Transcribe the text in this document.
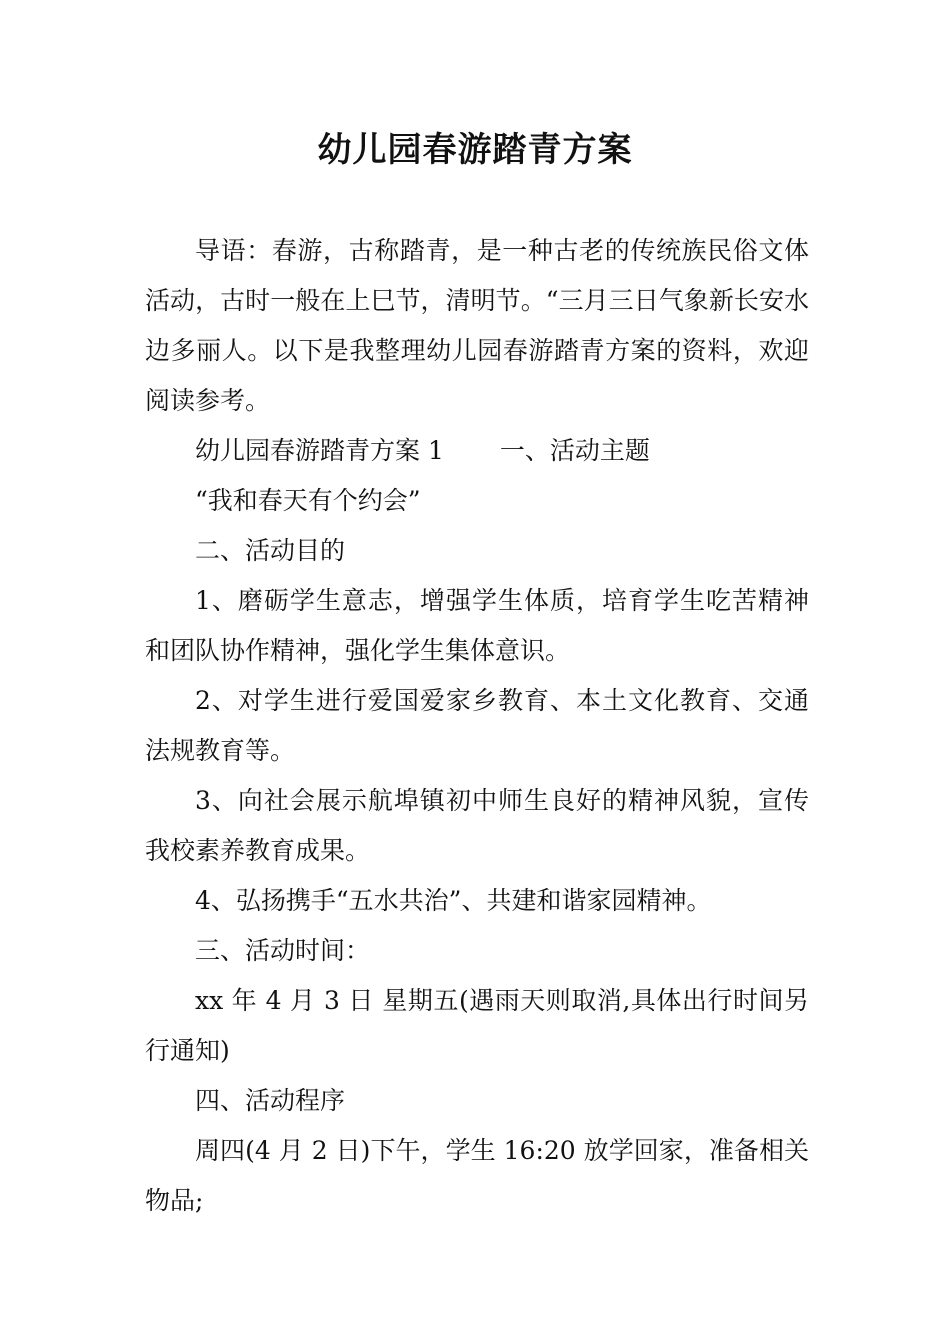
幼儿园春游踏青方案

导语：春游，古称踏青，是一种古老的传统族民俗文体活动，古时一般在上巳节，清明节。“三月三日气象新长安水边多丽人。以下是我整理幼儿园春游踏青方案的资料，欢迎阅读参考。

幼儿园春游踏青方案 1 一、活动主题

“我和春天有个约会”

二、活动目的

1、磨砺学生意志，增强学生体质，培育学生吃苦精神和团队协作精神，强化学生集体意识。

2、对学生进行爱国爱家乡教育、本土文化教育、交通法规教育等。

3、向社会展示航埠镇初中师生良好的精神风貌，宣传我校素养教育成果。

4、弘扬携手“五水共治”、共建和谐家园精神。

三、活动时间：

xx 年 4 月 3 日 星期五(遇雨天则取消,具体出行时间另行通知)

四、活动程序

周四(4 月 2 日)下午，学生 16:20 放学回家，准备相关物品;
